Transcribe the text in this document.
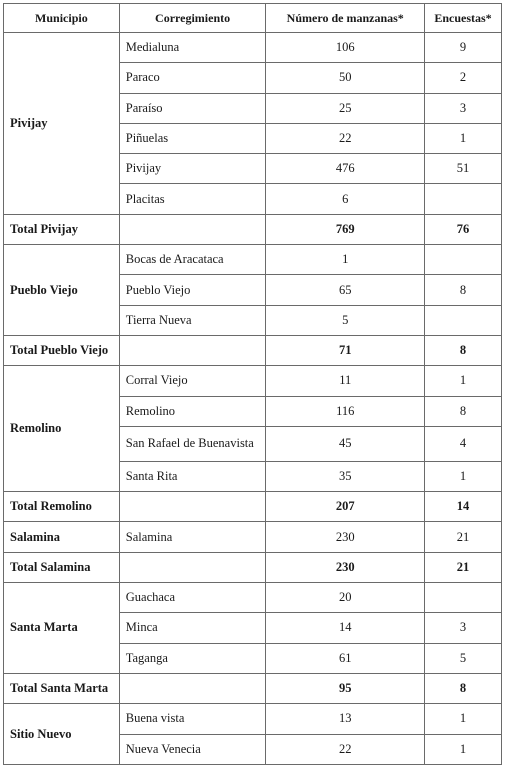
Municipio	Corregimiento	Número de manzanas*	Encuestas*
Pivijay	Medialuna	106	9
	Paraco	50	2
	Paraíso	25	3
	Piñuelas	22	1
	Pivijay	476	51
	Placitas	6	
Total Pivijay		769	76
Pueblo Viejo	Bocas de Aracataca	1	
	Pueblo Viejo	65	8
	Tierra Nueva	5	
Total Pueblo Viejo		71	8
Remolino	Corral Viejo	11	1
	Remolino	116	8
	San Rafael de Buenavista	45	4
	Santa Rita	35	1
Total Remolino		207	14
Salamina	Salamina	230	21
Total Salamina		230	21
Santa Marta	Guachaca	20	
	Minca	14	3
	Taganga	61	5
Total Santa Marta		95	8
Sitio Nuevo	Buena vista	13	1
	Nueva Venecia	22	1
